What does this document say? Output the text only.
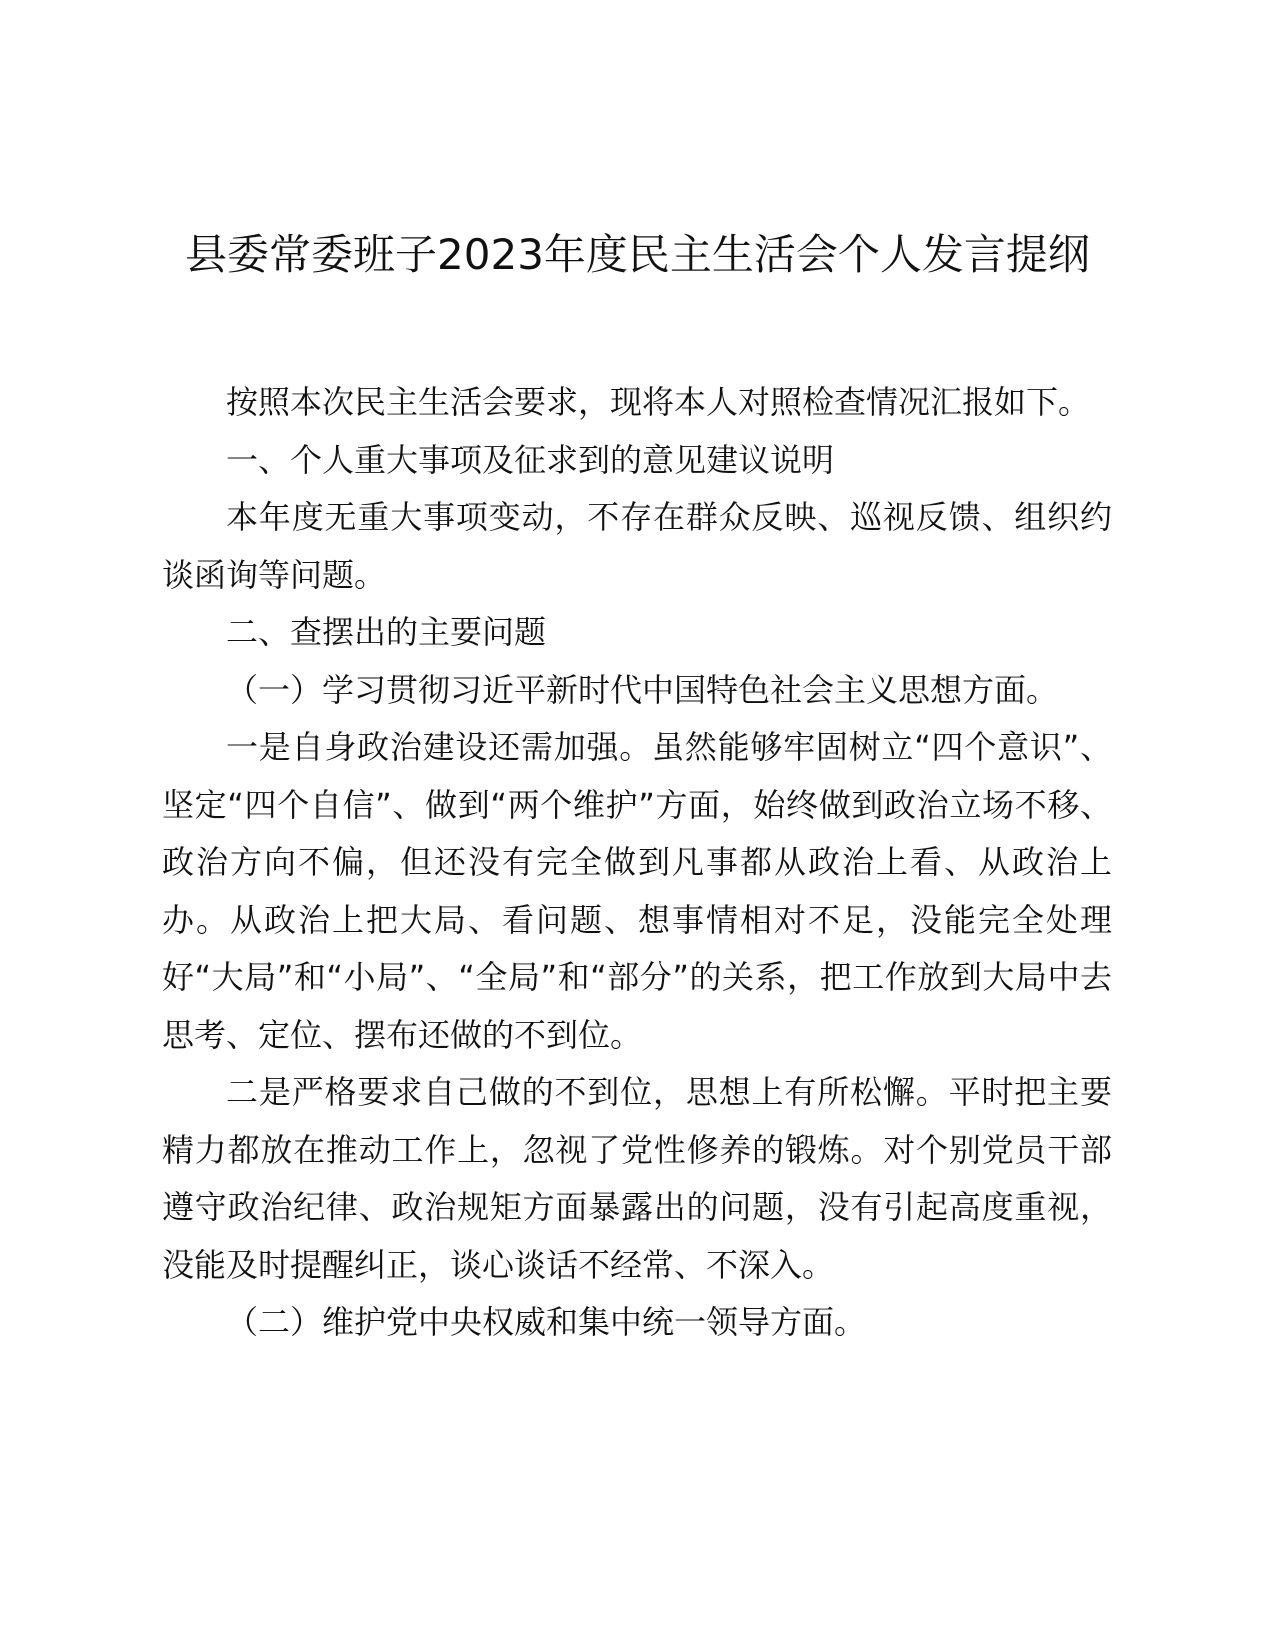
县委常委班子2023年度民主生活会个人发言提纲

按照本次民主生活会要求，现将本人对照检查情况汇报如下。

一、个人重大事项及征求到的意见建议说明

本年度无重大事项变动，不存在群众反映、巡视反馈、组织约谈函询等问题。

二、查摆出的主要问题

（一）学习贯彻习近平新时代中国特色社会主义思想方面。

一是自身政治建设还需加强。虽然能够牢固树立“四个意识”、坚定“四个自信”、做到“两个维护”方面，始终做到政治立场不移、政治方向不偏，但还没有完全做到凡事都从政治上看、从政治上办。从政治上把大局、看问题、想事情相对不足，没能完全处理好“大局”和“小局”、“全局”和“部分”的关系，把工作放到大局中去思考、定位、摆布还做的不到位。

二是严格要求自己做的不到位，思想上有所松懈。平时把主要精力都放在推动工作上，忽视了党性修养的锻炼。对个别党员干部遵守政治纪律、政治规矩方面暴露出的问题，没有引起高度重视，没能及时提醒纠正，谈心谈话不经常、不深入。

（二）维护党中央权威和集中统一领导方面。
